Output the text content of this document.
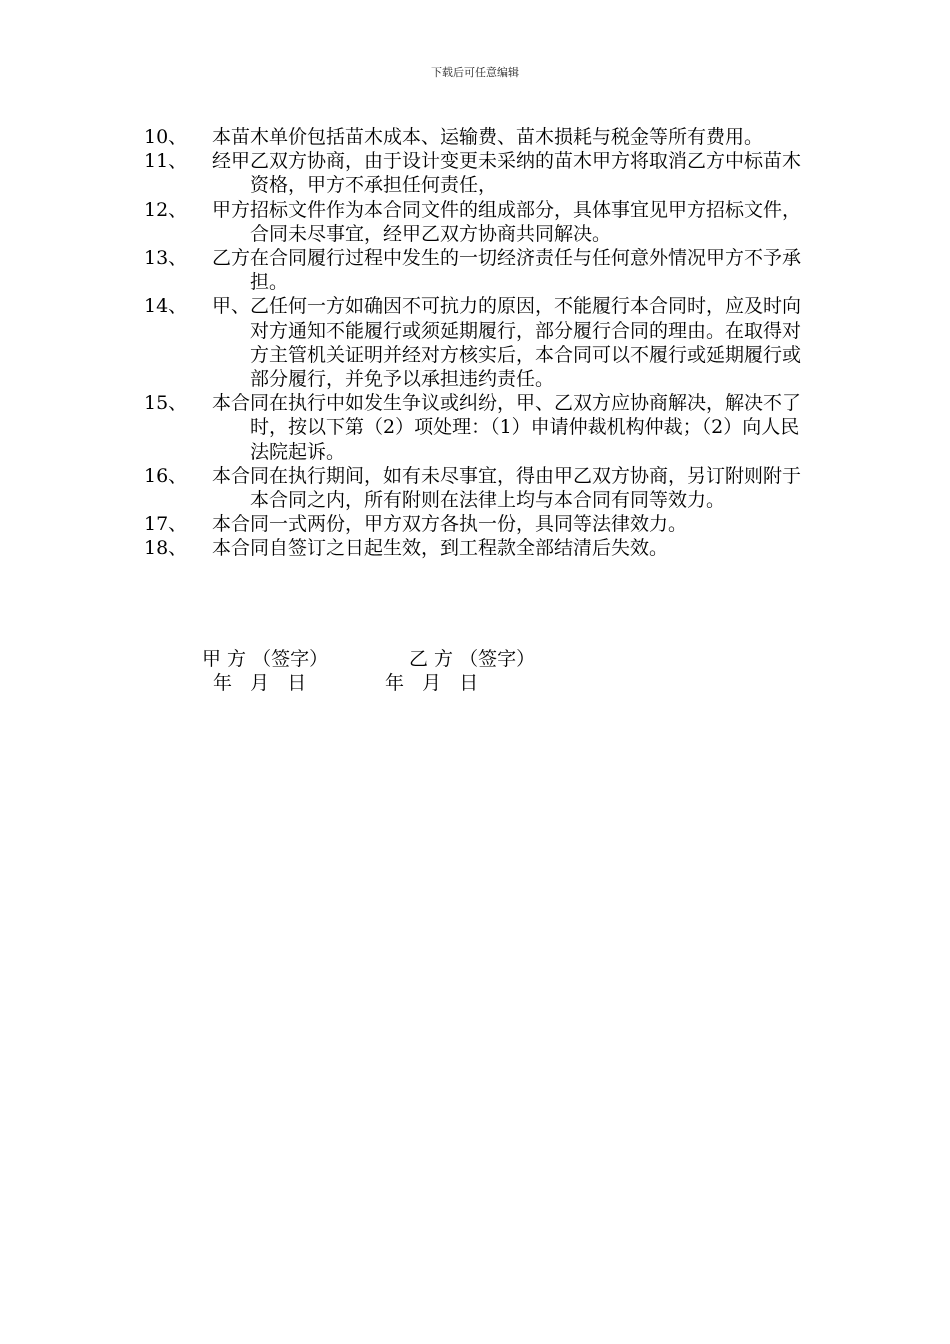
下载后可任意编辑
10、	本苗木单价包括苗木成本、运输费、苗木损耗与税金等所有费用。
11、	经甲乙双方协商，由于设计变更未采纳的苗木甲方将取消乙方中标苗木资格，甲方不承担任何责任，
12、	甲方招标文件作为本合同文件的组成部分，具体事宜见甲方招标文件，合同未尽事宜，经甲乙双方协商共同解决。
13、	乙方在合同履行过程中发生的一切经济责任与任何意外情况甲方不予承担。
14、	甲、乙任何一方如确因不可抗力的原因，不能履行本合同时，应及时向对方通知不能履行或须延期履行，部分履行合同的理由。在取得对方主管机关证明并经对方核实后，本合同可以不履行或延期履行或部分履行，并免予以承担违约责任。
15、	本合同在执行中如发生争议或纠纷，甲、乙双方应协商解决，解决不了时，按以下第（2）项处理：（1）申请仲裁机构仲裁；（2）向人民法院起诉。
16、	本合同在执行期间，如有未尽事宜，得由甲乙双方协商，另订附则附于本合同之内，所有附则在法律上均与本合同有同等效力。
17、	本合同一式两份，甲方双方各执一份，具同等法律效力。
18、	本合同自签订之日起生效，到工程款全部结清后失效。
甲 方 （签字）	乙 方 （签字）
年   月   日	年   月   日
